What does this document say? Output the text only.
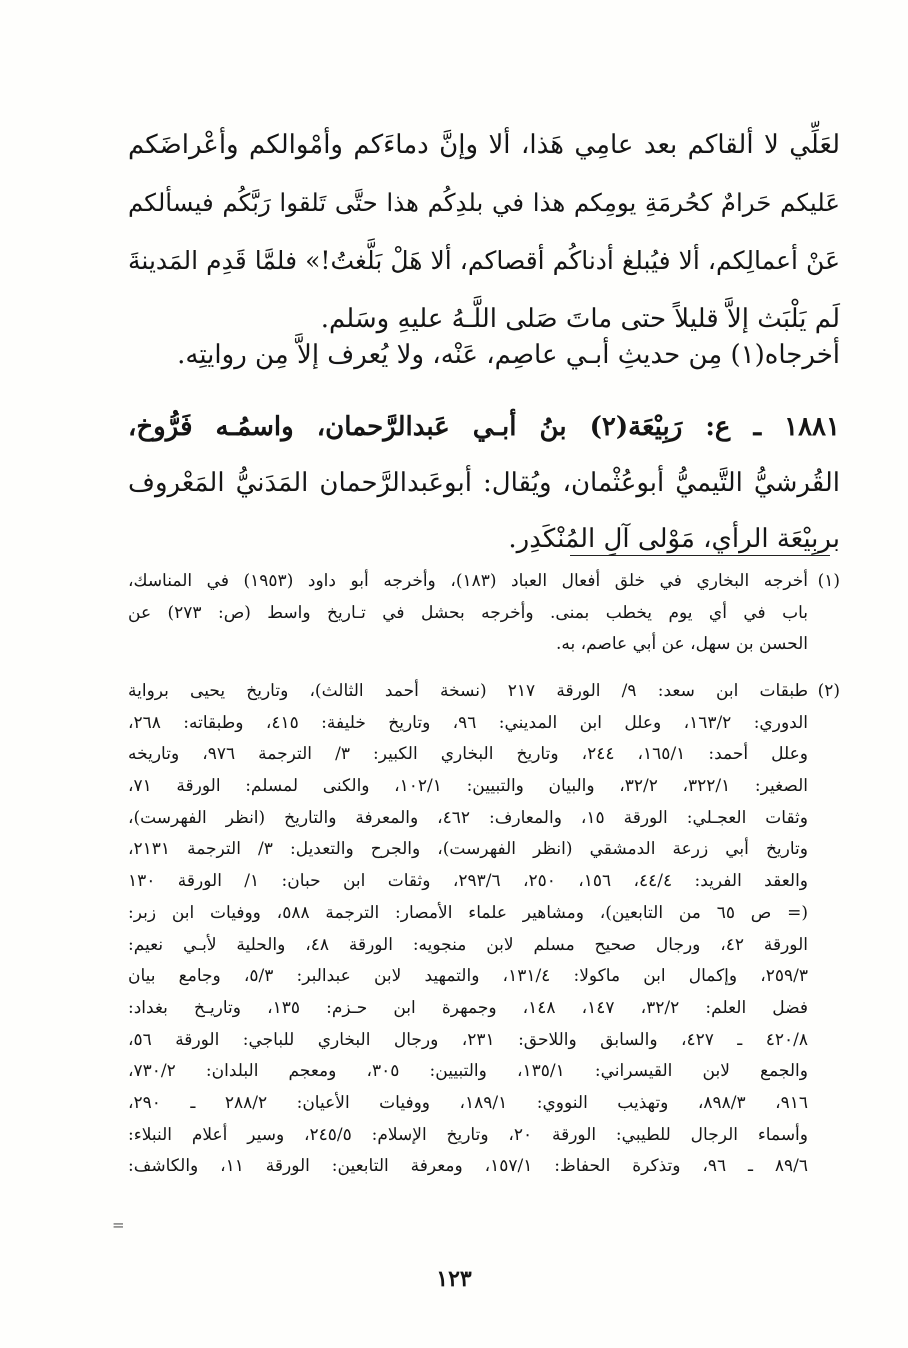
لعَلِّي لا ألقاكم بعد عامِي هَذا، ألا وإنَّ دماءَكم وأمْوالكم وأعْراضَكم
عَليكم حَرامٌ كحُرمَةِ يومِكم هذا في بلدِكُم هذا حتَّى تَلقوا رَبَّكُم فيسألكم
عَنْ أعمالِكم، ألا فيُبلغ أدناكُم أقصاكم، ألا هَلْ بَلَّغتُ!» فلمَّا قَدِم المَدينةَ
لَم يَلْبَث إلاَّ قليلاً حتى ماتَ صَلى اللَّـهُ عليهِ وسَلم.
أخرجاه(١) مِن حديثِ أبـي عاصِم، عَنْه، ولا يُعرف إلاَّ مِن روايتِه.
١٨٨١ ـ ع: رَبِيْعَة(٢) بنُ أبـي عَبدالرَّحمان، واسمُـه فَرُّوخ،
القُرشيُّ التَّيميُّ أبوعُثْمان، ويُقال: أبوعَبدالرَّحمان المَدَنيُّ المَعْروف
بربِيْعَة الرأي، مَوْلى آلِ المُنْكَدِر.
(١)أخرجه البخاري في خلق أفعال العباد (١٨٣)، وأخرجه أبو داود (١٩٥٣) في المناسك،
باب في أي يوم يخطب بمنى. وأخرجه بحشل في تـاريخ واسط (ص: ٢٧٣) عن
الحسن بن سهل، عن أبي عاصم، به.
(٢)طبقات ابن سعد: ٩/ الورقة ٢١٧ (نسخة أحمد الثالث)، وتاريخ يحيى برواية
الدوري: ١٦٣/٢، وعلل ابن المديني: ٩٦، وتاريخ خليفة: ٤١٥، وطبقاته: ٢٦٨،
وعلل أحمد: ١٦٥/١، ٢٤٤، وتاريخ البخاري الكبير: ٣/ الترجمة ٩٧٦، وتاريخه
الصغير: ٣٢٢/١، ٣٢/٢، والبيان والتبيين: ١٠٢/١، والكنى لمسلم: الورقة ٧١،
وثقات العجـلي: الورقة ١٥، والمعارف: ٤٦٢، والمعرفة والتاريخ (انظر الفهرست)،
وتاريخ أبي زرعة الدمشقي (انظر الفهرست)، والجرح والتعديل: ٣/ الترجمة ٢١٣١،
والعقد الفريد: ٤٤/٤، ١٥٦، ٢٥٠، ٢٩٣/٦، وثقات ابن حبان: ١/ الورقة ١٣٠
(= ص ٦٥ من التابعين)، ومشاهير علماء الأمصار: الترجمة ٥٨٨، ووفيات ابن زبر:
الورقة ٤٢، ورجال صحيح مسلم لابن منجويه: الورقة ٤٨، والحلية لأبـي نعيم:
٢٥٩/٣، وإكمال ابن ماكولا: ١٣١/٤، والتمهيد لابن عبدالبر: ٥/٣، وجامع بيان
فضل العلم: ٣٢/٢، ١٤٧، ١٤٨، وجمهرة ابن حـزم: ١٣٥، وتاريـخ بغداد:
٤٢٠/٨ ـ ٤٢٧، والسابق واللاحق: ٢٣١، ورجال البخاري للباجي: الورقة ٥٦،
والجمع لابن القيسراني: ١٣٥/١، والتبيين: ٣٠٥، ومعجم البلدان: ٧٣٠/٢،
٩١٦، ٨٩٨/٣، وتهذيب النووي: ١٨٩/١، ووفيات الأعيان: ٢٨٨/٢ ـ ٢٩٠،
وأسماء الرجال للطيبي: الورقة ٢٠، وتاريخ الإسلام: ٢٤٥/٥، وسير أعلام النبلاء:
٨٩/٦ ـ ٩٦، وتذكرة الحفاظ: ١٥٧/١، ومعرفة التابعين: الورقة ١١، والكاشف:
=
١٢٣
